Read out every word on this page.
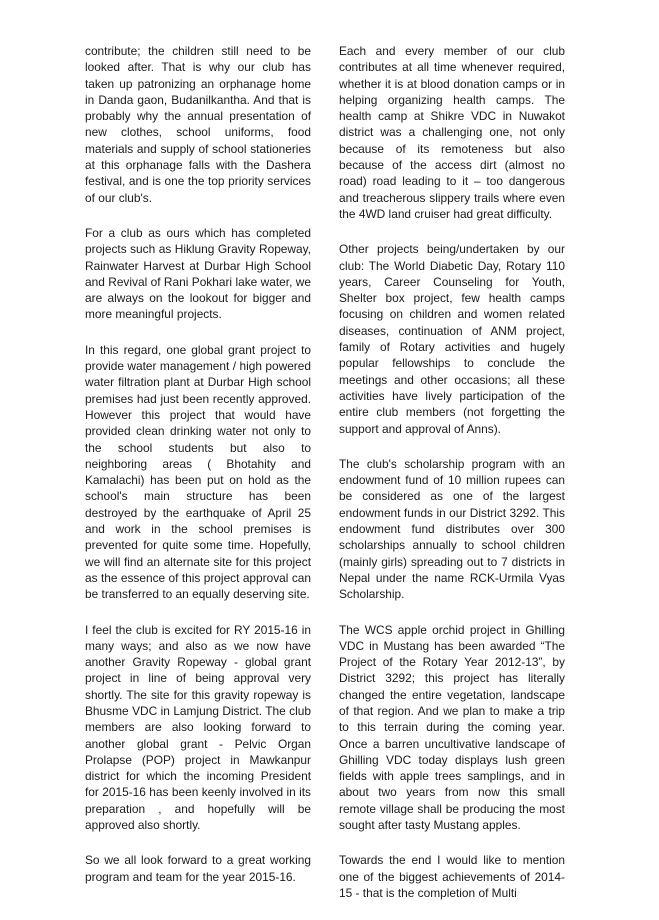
contribute; the children still need to be looked after. That is why our club has taken up patronizing an orphanage home in Danda gaon, Budanilkantha. And that is probably why the annual presentation of new clothes, school uniforms, food materials and supply of school stationeries at this orphanage falls with the Dashera festival, and is one the top priority services of our club's.

For a club as ours which has completed projects such as Hiklung Gravity Ropeway, Rainwater Harvest at Durbar High School and Revival of Rani Pokhari lake water, we are always on the lookout for bigger and more meaningful projects.

In this regard, one global grant project to provide water management / high powered water filtration plant at Durbar High school premises had just been recently approved. However this project that would have provided clean drinking water not only to the school students but also to neighboring areas ( Bhotahity and Kamalachi) has been put on hold as the school's main structure has been destroyed by the earthquake of April 25 and work in the school premises is prevented for quite some time. Hopefully, we will find an alternate site for this project as the essence of this project approval can be transferred to an equally deserving site.

I feel the club is excited for RY 2015-16 in many ways; and also as we now have another Gravity Ropeway - global grant project in line of being approval very shortly. The site for this gravity ropeway is Bhusme VDC in Lamjung District. The club members are also looking forward to another global grant - Pelvic Organ Prolapse (POP) project in Mawkanpur district for which the incoming President for 2015-16 has been keenly involved in its preparation , and hopefully will be approved also shortly.

So we all look forward to a great working program and team for the year 2015-16.

Each and every member of our club contributes at all time whenever required, whether it is at blood donation camps or in helping organizing health camps. The health camp at Shikre VDC in Nuwakot district was a challenging one, not only because of its remoteness but also because of the access dirt (almost no road) road leading to it – too dangerous and treacherous slippery trails where even the 4WD land cruiser had great difficulty.

Other projects being/undertaken by our club: The World Diabetic Day, Rotary 110 years, Career Counseling for Youth, Shelter box project, few health camps focusing on children and women related diseases, continuation of ANM project, family of Rotary activities and hugely popular fellowships to conclude the meetings and other occasions; all these activities have lively participation of the entire club members (not forgetting the support and approval of Anns).

The club's scholarship program with an endowment fund of 10 million rupees can be considered as one of the largest endowment funds in our District 3292. This endowment fund distributes over 300 scholarships annually to school children (mainly girls) spreading out to 7 districts in Nepal under the name RCK-Urmila Vyas Scholarship.

The WCS apple orchid project in Ghilling VDC in Mustang has been awarded “The Project of the Rotary Year 2012-13”, by District 3292; this project has literally changed the entire vegetation, landscape of that region. And we plan to make a trip to this terrain during the coming year. Once a barren uncultivative landscape of Ghilling VDC today displays lush green fields with apple trees samplings, and in about two years from now this small remote village shall be producing the most sought after tasty Mustang apples.

Towards the end I would like to mention one of the biggest achievements of 2014-15 - that is the completion of Multi
